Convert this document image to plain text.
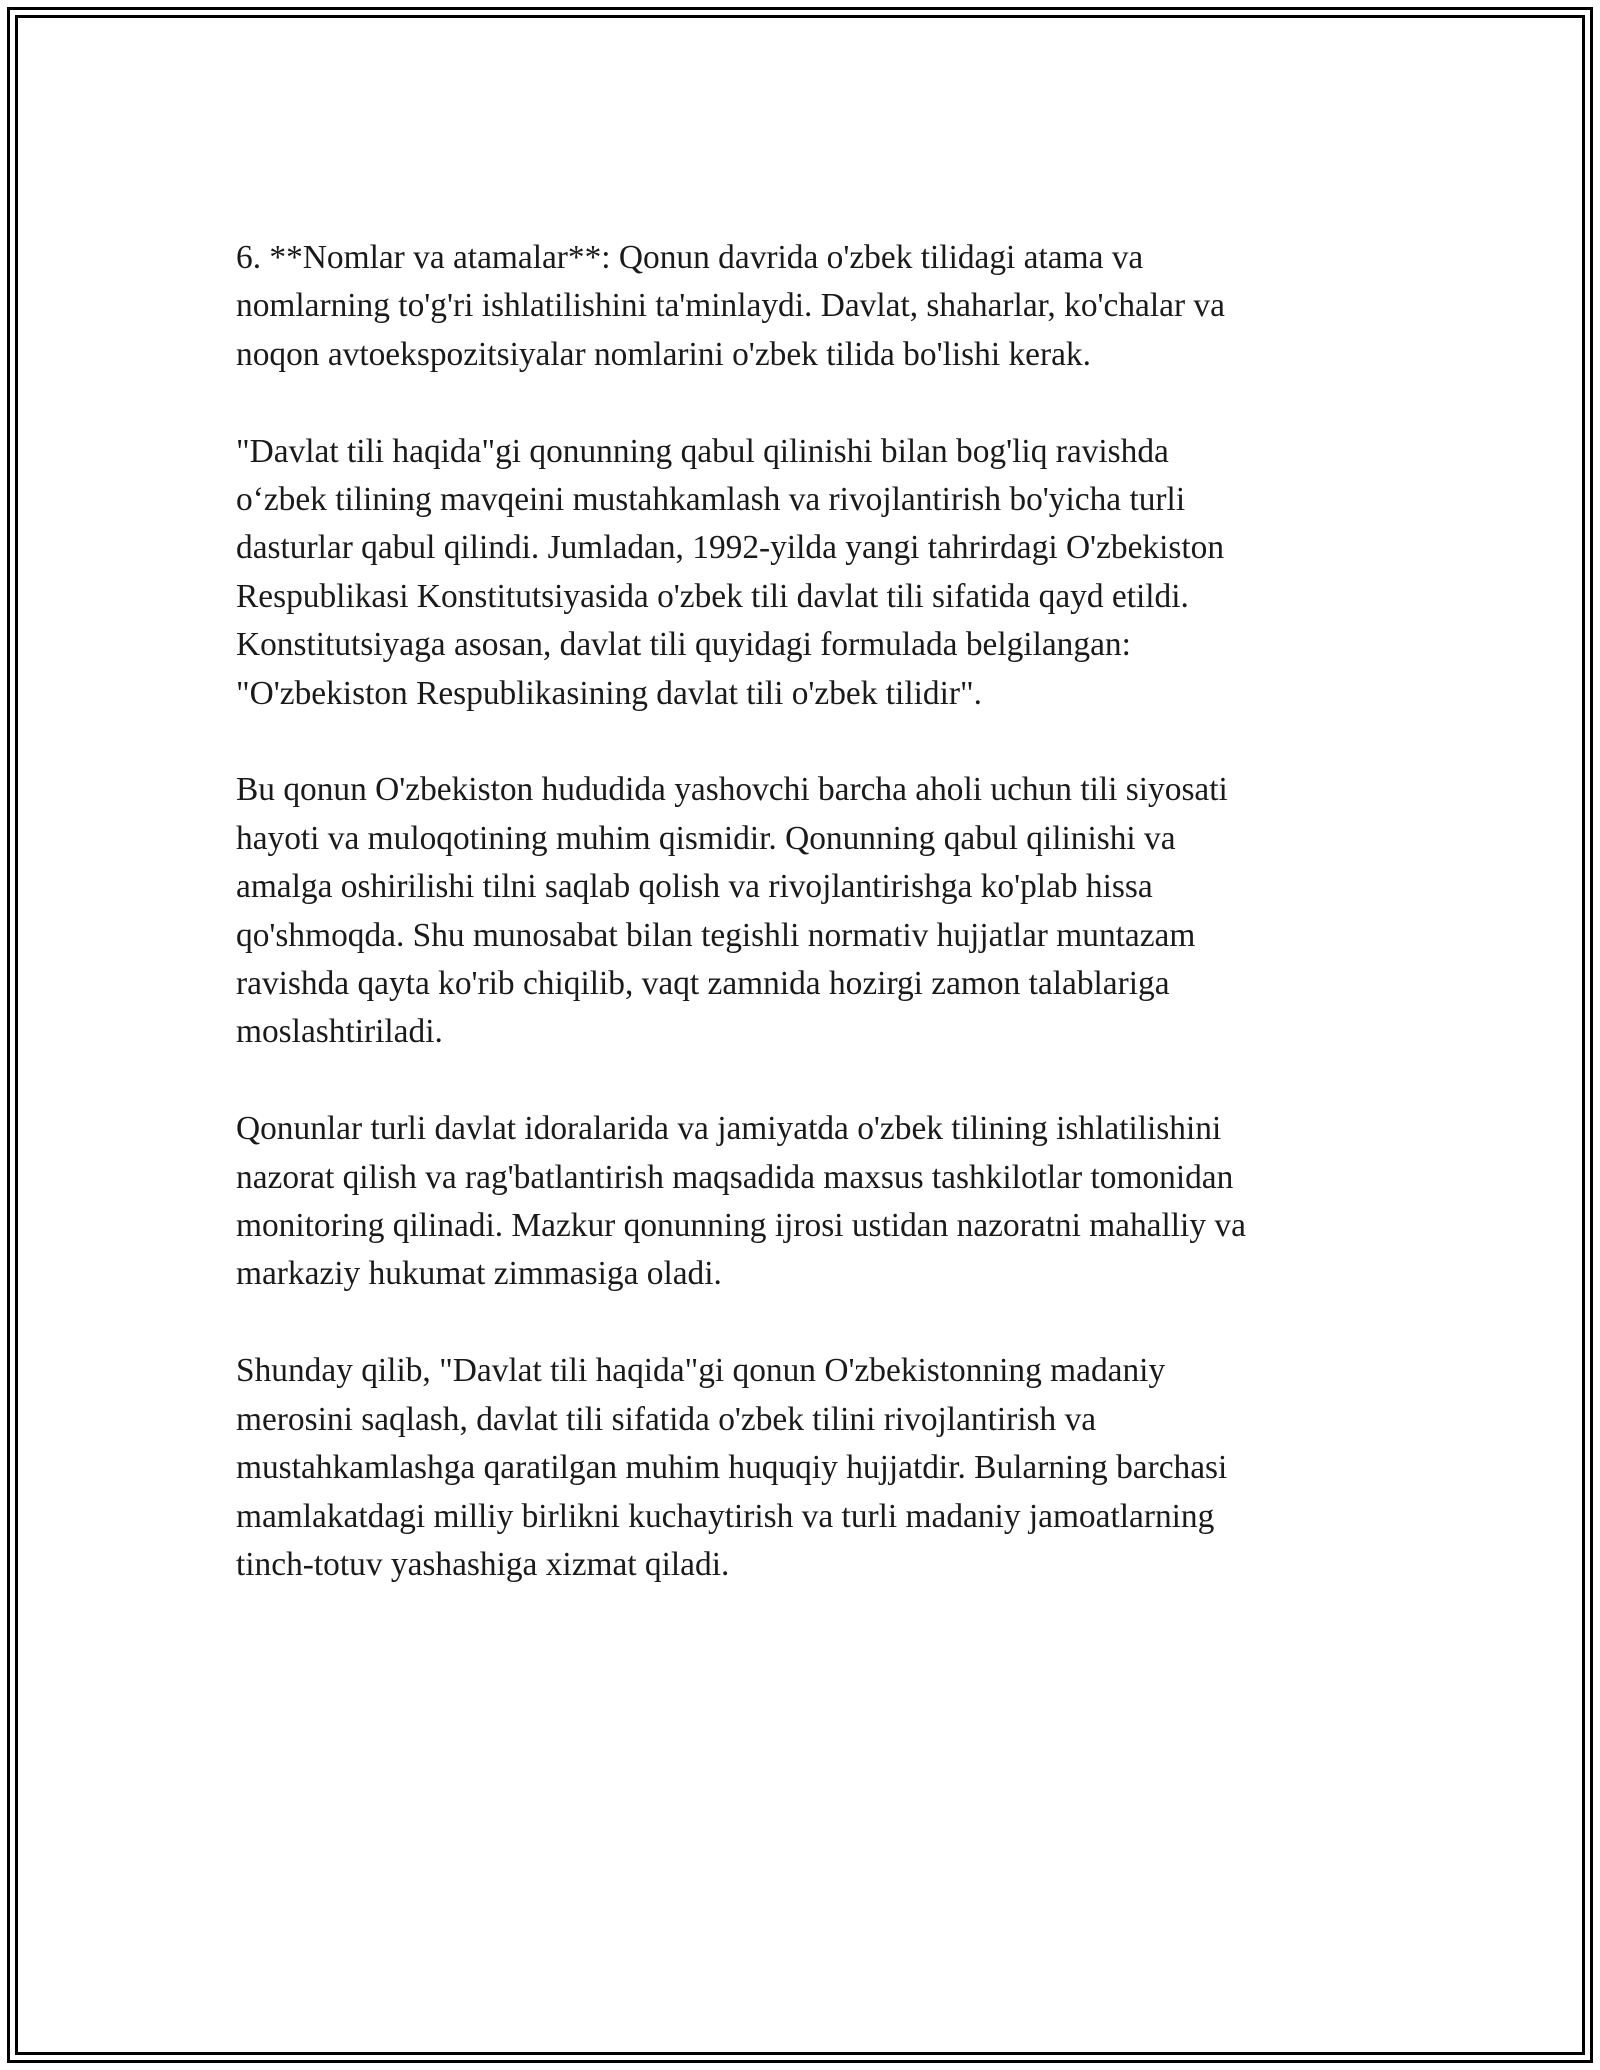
6. **Nomlar va atamalar**: Qonun davrida o'zbek tilidagi atama va
nomlarning to'g'ri ishlatilishini ta'minlaydi. Davlat, shaharlar, ko'chalar va
noqon avtoekspozitsiyalar nomlarini o'zbek tilida bo'lishi kerak.

"Davlat tili haqida"gi qonunning qabul qilinishi bilan bog'liq ravishda
o‘zbek tilining mavqeini mustahkamlash va rivojlantirish bo'yicha turli
dasturlar qabul qilindi. Jumladan, 1992-yilda yangi tahrirdagi O'zbekiston
Respublikasi Konstitutsiyasida o'zbek tili davlat tili sifatida qayd etildi.
Konstitutsiyaga asosan, davlat tili quyidagi formulada belgilangan:
"O'zbekiston Respublikasining davlat tili o'zbek tilidir".

Bu qonun O'zbekiston hududida yashovchi barcha aholi uchun tili siyosati
hayoti va muloqotining muhim qismidir. Qonunning qabul qilinishi va
amalga oshirilishi tilni saqlab qolish va rivojlantirishga ko'plab hissa
qo'shmoqda. Shu munosabat bilan tegishli normativ hujjatlar muntazam
ravishda qayta ko'rib chiqilib, vaqt zamnida hozirgi zamon talablariga
moslashtiriladi.

Qonunlar turli davlat idoralarida va jamiyatda o'zbek tilining ishlatilishini
nazorat qilish va rag'batlantirish maqsadida maxsus tashkilotlar tomonidan
monitoring qilinadi. Mazkur qonunning ijrosi ustidan nazoratni mahalliy va
markaziy hukumat zimmasiga oladi.

Shunday qilib, "Davlat tili haqida"gi qonun O'zbekistonning madaniy
merosini saqlash, davlat tili sifatida o'zbek tilini rivojlantirish va
mustahkamlashga qaratilgan muhim huquqiy hujjatdir. Bularning barchasi
mamlakatdagi milliy birlikni kuchaytirish va turli madaniy jamoatlarning
tinch-totuv yashashiga xizmat qiladi.
